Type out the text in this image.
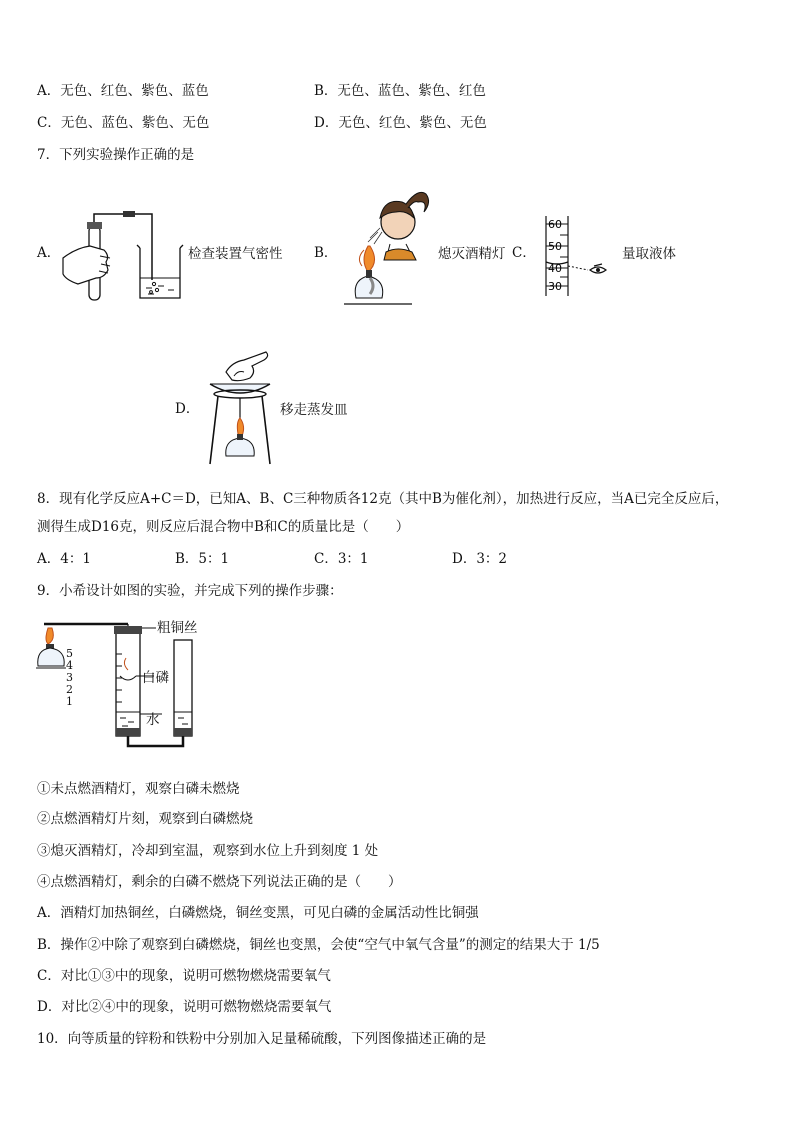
A．无色、红色、紫色、蓝色	B．无色、蓝色、紫色、红色
C．无色、蓝色、紫色、无色	D．无色、红色、紫色、无色
7．下列实验操作正确的是
A．	检查装置气密性 B．	熄灭酒精灯 C．
60
50
40
30
量取液体
D．	移走蒸发皿
8．现有化学反应A+C＝D，已知A、B、C三种物质各12克（其中B为催化剂），加热进行反应，当A已完全反应后，
测得生成D16克，则反应后混合物中B和C的质量比是（　　）
A．4：1	B．5：1	C．3：1	D．3：2
9．小希设计如图的实验，并完成下列的操作步骤：
5
4
3
2
1
粗铜丝
白磷
水
①未点燃酒精灯，观察白磷未燃烧
②点燃酒精灯片刻，观察到白磷燃烧
③熄灭酒精灯，冷却到室温，观察到水位上升到刻度 1 处
④点燃酒精灯，剩余的白磷不燃烧下列说法正确的是（　　）
A．酒精灯加热铜丝，白磷燃烧，铜丝变黑，可见白磷的金属活动性比铜强
B．操作②中除了观察到白磷燃烧，铜丝也变黑，会使“空气中氧气含量”的测定的结果大于 1/5
C．对比①③中的现象，说明可燃物燃烧需要氧气
D．对比②④中的现象，说明可燃物燃烧需要氧气
10．向等质量的锌粉和铁粉中分别加入足量稀硫酸，下列图像描述正确的是
